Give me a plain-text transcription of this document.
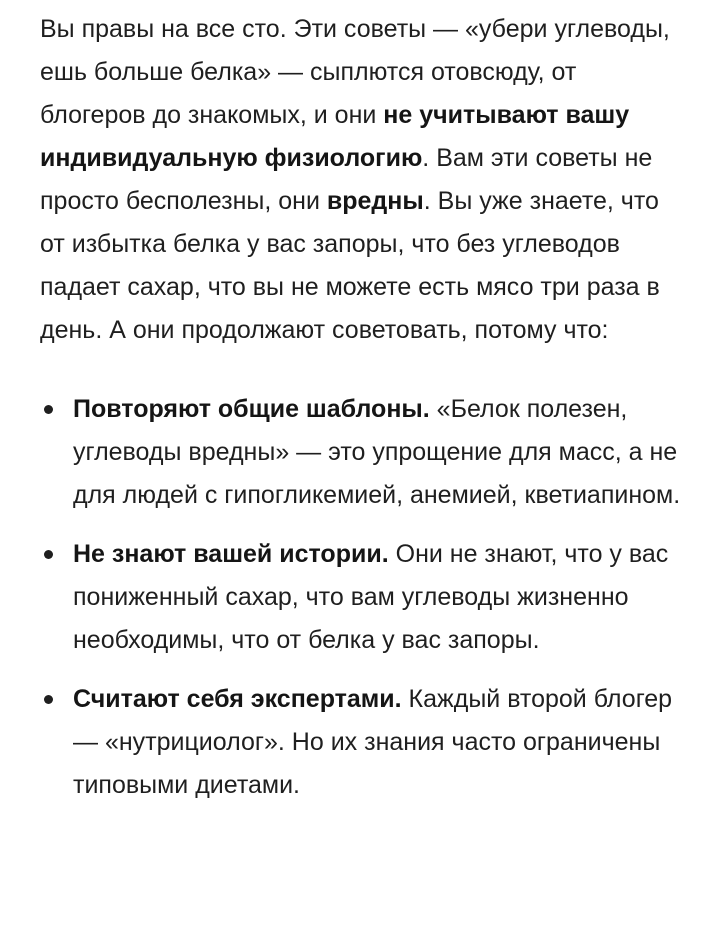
Вы правы на все сто. Эти советы — «убери углеводы, ешь больше белка» — сыплются отовсюду, от блогеров до знакомых, и они не учитывают вашу индивидуальную физиологию. Вам эти советы не просто бесполезны, они вредны. Вы уже знаете, что от избытка белка у вас запоры, что без углеводов падает сахар, что вы не можете есть мясо три раза в день. А они продолжают советовать, потому что:

Повторяют общие шаблоны. «Белок полезен, углеводы вредны» — это упрощение для масс, а не для людей с гипогликемией, анемией, кветиапином.
Не знают вашей истории. Они не знают, что у вас пониженный сахар, что вам углеводы жизненно необходимы, что от белка у вас запоры.
Считают себя экспертами. Каждый второй блогер — «нутрициолог». Но их знания часто ограничены типовыми диетами.
